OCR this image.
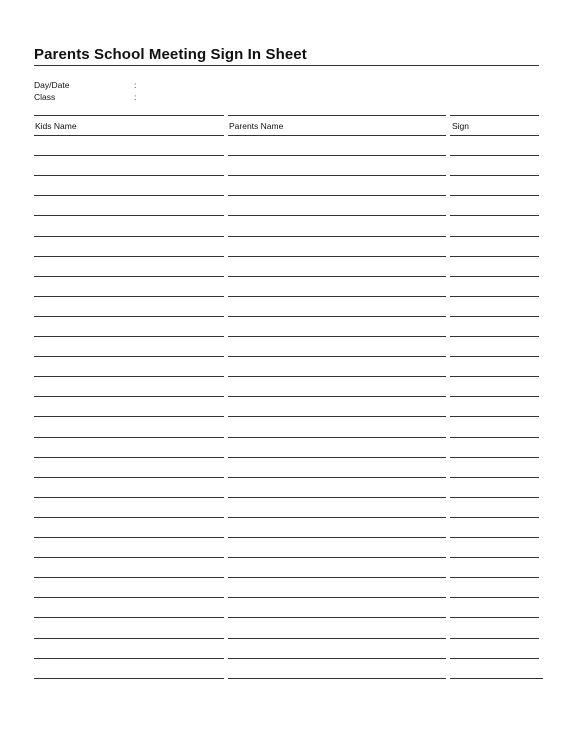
Parents School Meeting Sign In Sheet
Day/Date	:
Class	:
Kids Name	Parents Name	Sign
